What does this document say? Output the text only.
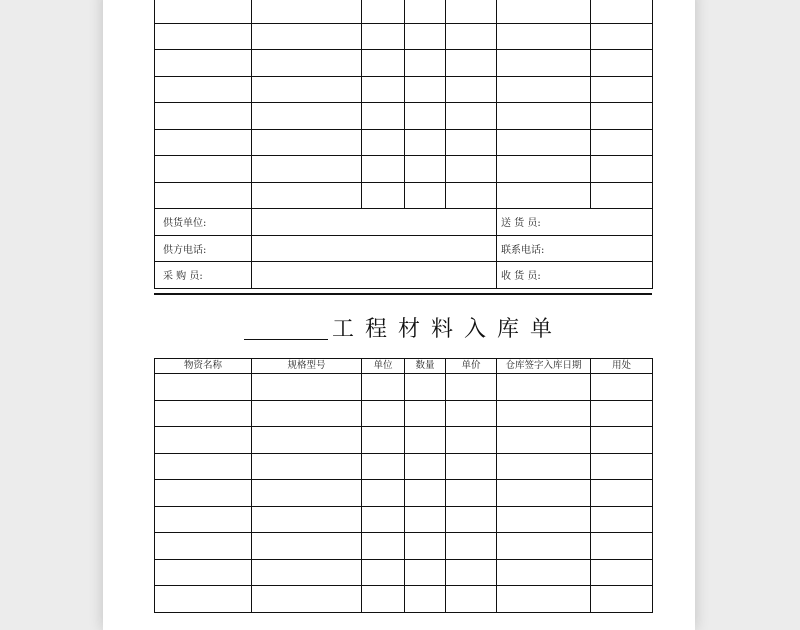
供货单位:					送 货 员:	
供方电话:					联系电话:	
采 购 员:					收 货 员:	
工程材料入库单
物资名称	规格型号	单位	数量	单价	仓库签字入库日期	用处
